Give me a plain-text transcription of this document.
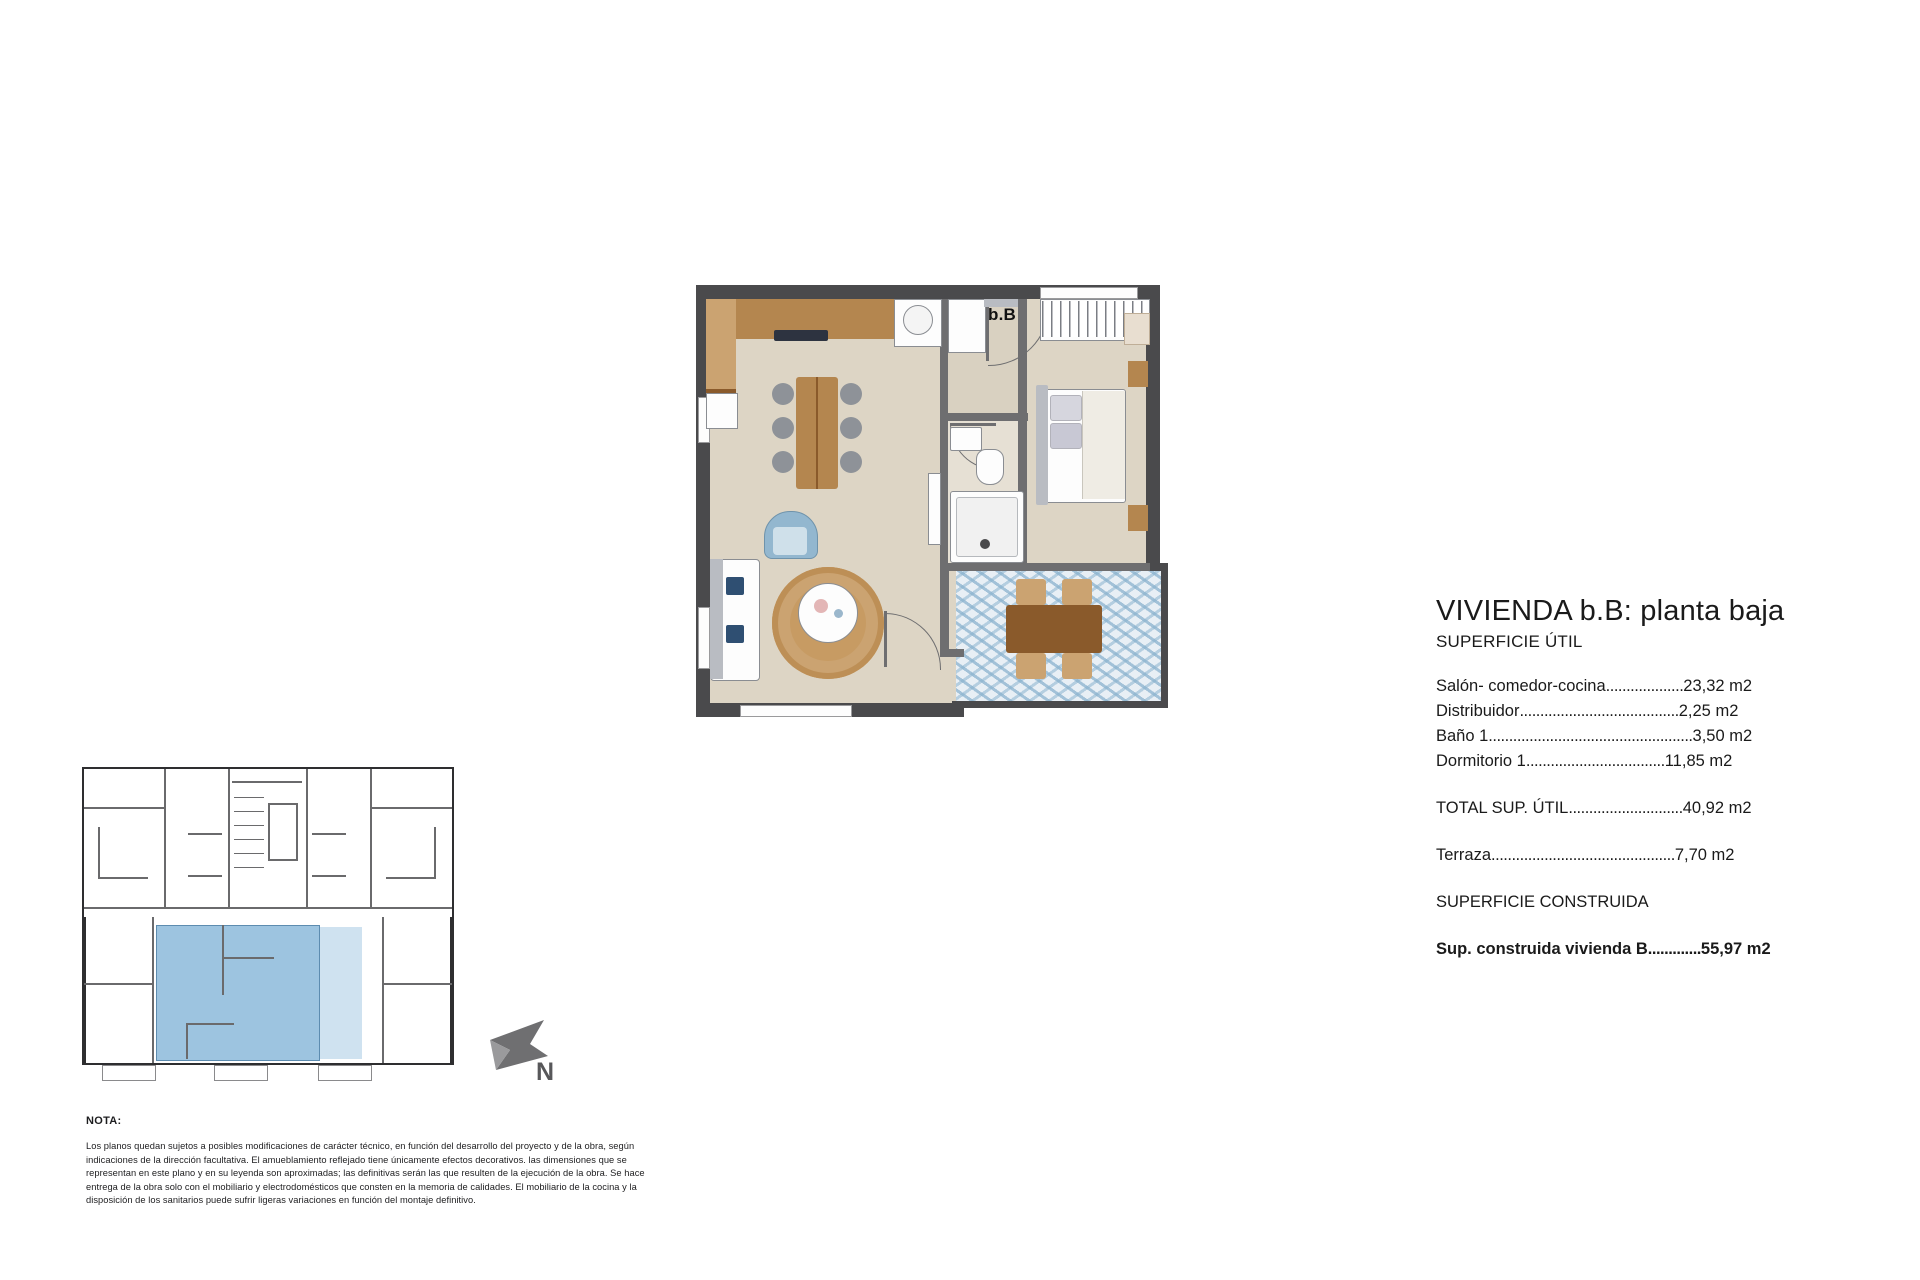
b.B
VIVIENDA b.B: planta baja
SUPERFICIE ÚTIL
Salón- comedor-cocina...................23,32 m2
Distribuidor.......................................2,25 m2
Baño 1..................................................3,50 m2
Dormitorio 1..................................11,85 m2
TOTAL SUP. ÚTIL............................40,92 m2
Terraza.............................................7,70 m2
SUPERFICIE CONSTRUIDA
Sup. construida vivienda B.............55,97 m2
N
NOTA:

Los planos quedan sujetos a posibles modificaciones de carácter técnico, en función del desarrollo del proyecto y de la obra, según indicaciones de la dirección facultativa. El amueblamiento reflejado tiene únicamente efectos decorativos. las dimensiones que se representan en este plano y en su leyenda son aproximadas; las definitivas serán las que resulten de la ejecución de la obra. Se hace entrega de la obra solo con el mobiliario y electrodomésticos que consten en la memoria de calidades. El mobiliario de la cocina y la disposición de los sanitarios puede sufrir ligeras variaciones en función del montaje definitivo.
